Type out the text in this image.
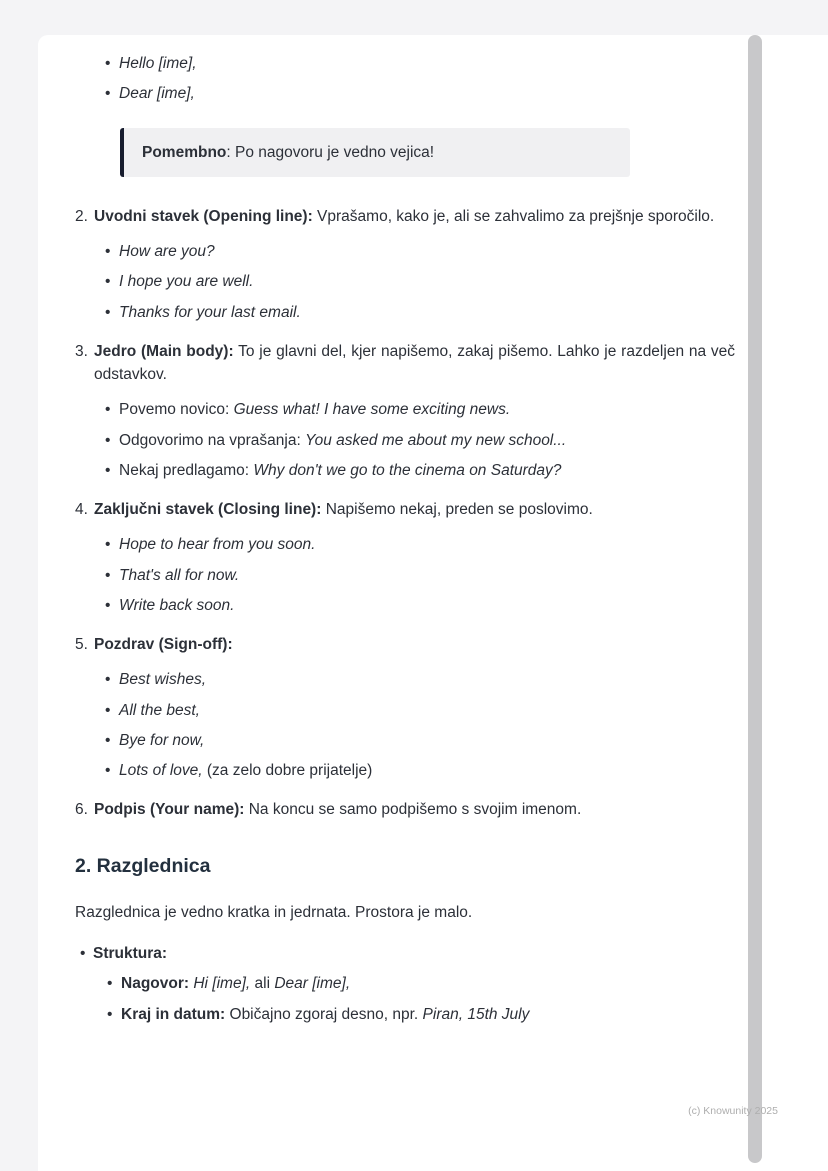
• Hello [ime],
• Dear [ime],

Pomembno: Po nagovoru je vedno vejica!

2. Uvodni stavek (Opening line): Vprašamo, kako je, ali se zahvalimo za prejšnje sporočilo.
• How are you?
• I hope you are well.
• Thanks for your last email.
3. Jedro (Main body): To je glavni del, kjer napišemo, zakaj pišemo. Lahko je razdeljen na več odstavkov.
• Povemo novico: Guess what! I have some exciting news.
• Odgovorimo na vprašanja: You asked me about my new school...
• Nekaj predlagamo: Why don't we go to the cinema on Saturday?
4. Zaključni stavek (Closing line): Napišemo nekaj, preden se poslovimo.
• Hope to hear from you soon.
• That's all for now.
• Write back soon.
5. Pozdrav (Sign-off):
• Best wishes,
• All the best,
• Bye for now,
• Lots of love, (za zelo dobre prijatelje)
6. Podpis (Your name): Na koncu se samo podpišemo s svojim imenom.
2. Razglednica

Razglednica je vedno kratka in jedrnata. Prostora je malo.

• Struktura:
• Nagovor: Hi [ime], ali Dear [ime],
• Kraj in datum: Običajno zgoraj desno, npr. Piran, 15th July
(c) Knowunity 2025
